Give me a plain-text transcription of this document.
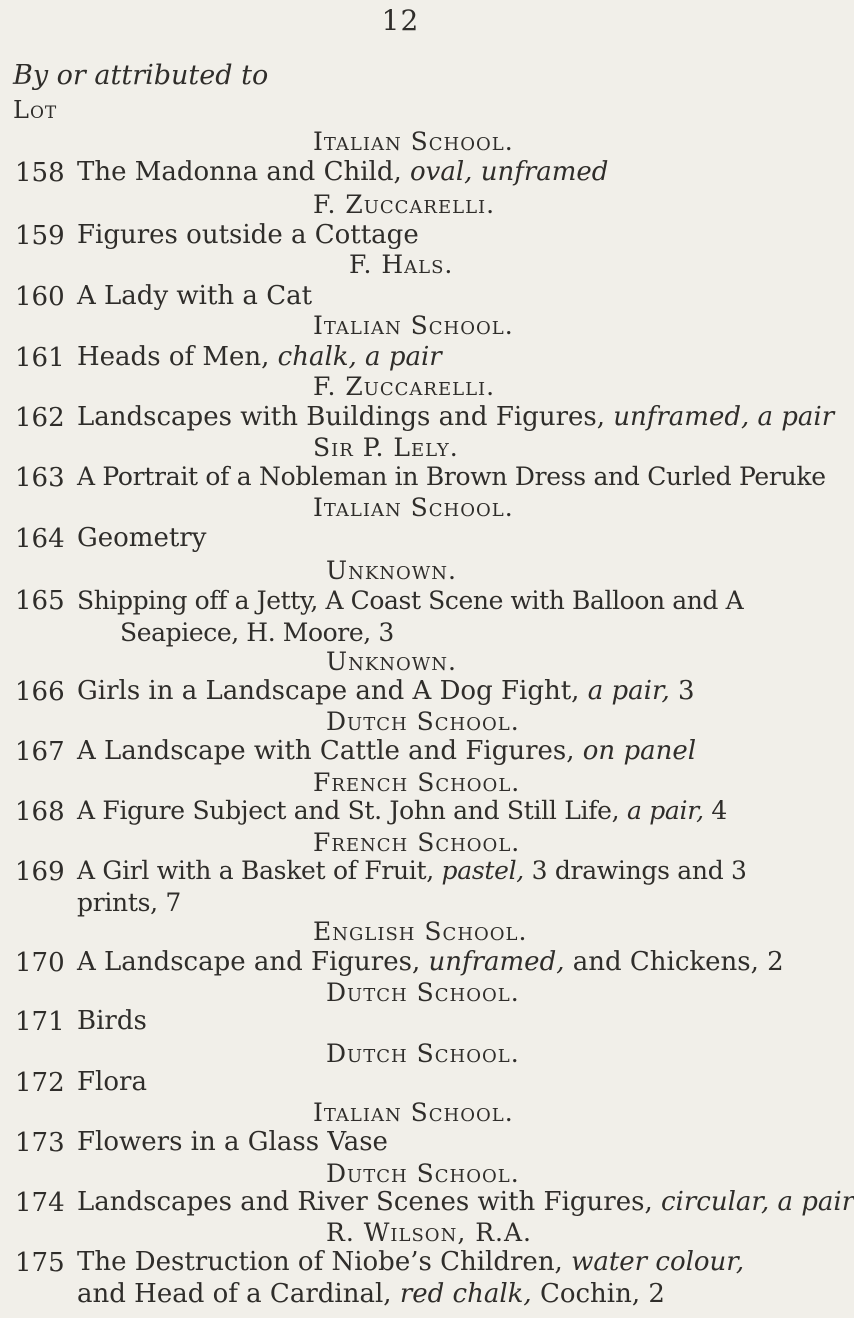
12
By or attributed to
Lot
Italian School.
158 The Madonna and Child, oval, unframed
F. Zuccarelli.
159 Figures outside a Cottage
F. Hals.
160 A Lady with a Cat
Italian School.
161 Heads of Men, chalk, a pair
F. Zuccarelli.
162 Landscapes with Buildings and Figures, unframed, a pair
Sir P. Lely.
163 A Portrait of a Nobleman in Brown Dress and Curled Peruke
Italian School.
164 Geometry
Unknown.
165 Shipping off a Jetty, A Coast Scene with Balloon and A
Seapiece, H. Moore, 3
Unknown.
166 Girls in a Landscape and A Dog Fight, a pair, 3
Dutch School.
167 A Landscape with Cattle and Figures, on panel
French School.
168 A Figure Subject and St. John and Still Life, a pair, 4
French School.
169 A Girl with a Basket of Fruit, pastel, 3 drawings and 3 prints, 7
English School.
170 A Landscape and Figures, unframed, and Chickens, 2
Dutch School.
171 Birds
Dutch School.
172 Flora
Italian School.
173 Flowers in a Glass Vase
Dutch School.
174 Landscapes and River Scenes with Figures, circular, a pair
R. Wilson, R.A.
175 The Destruction of Niobe’s Children, water colour, and Head of a Cardinal, red chalk, Cochin, 2
